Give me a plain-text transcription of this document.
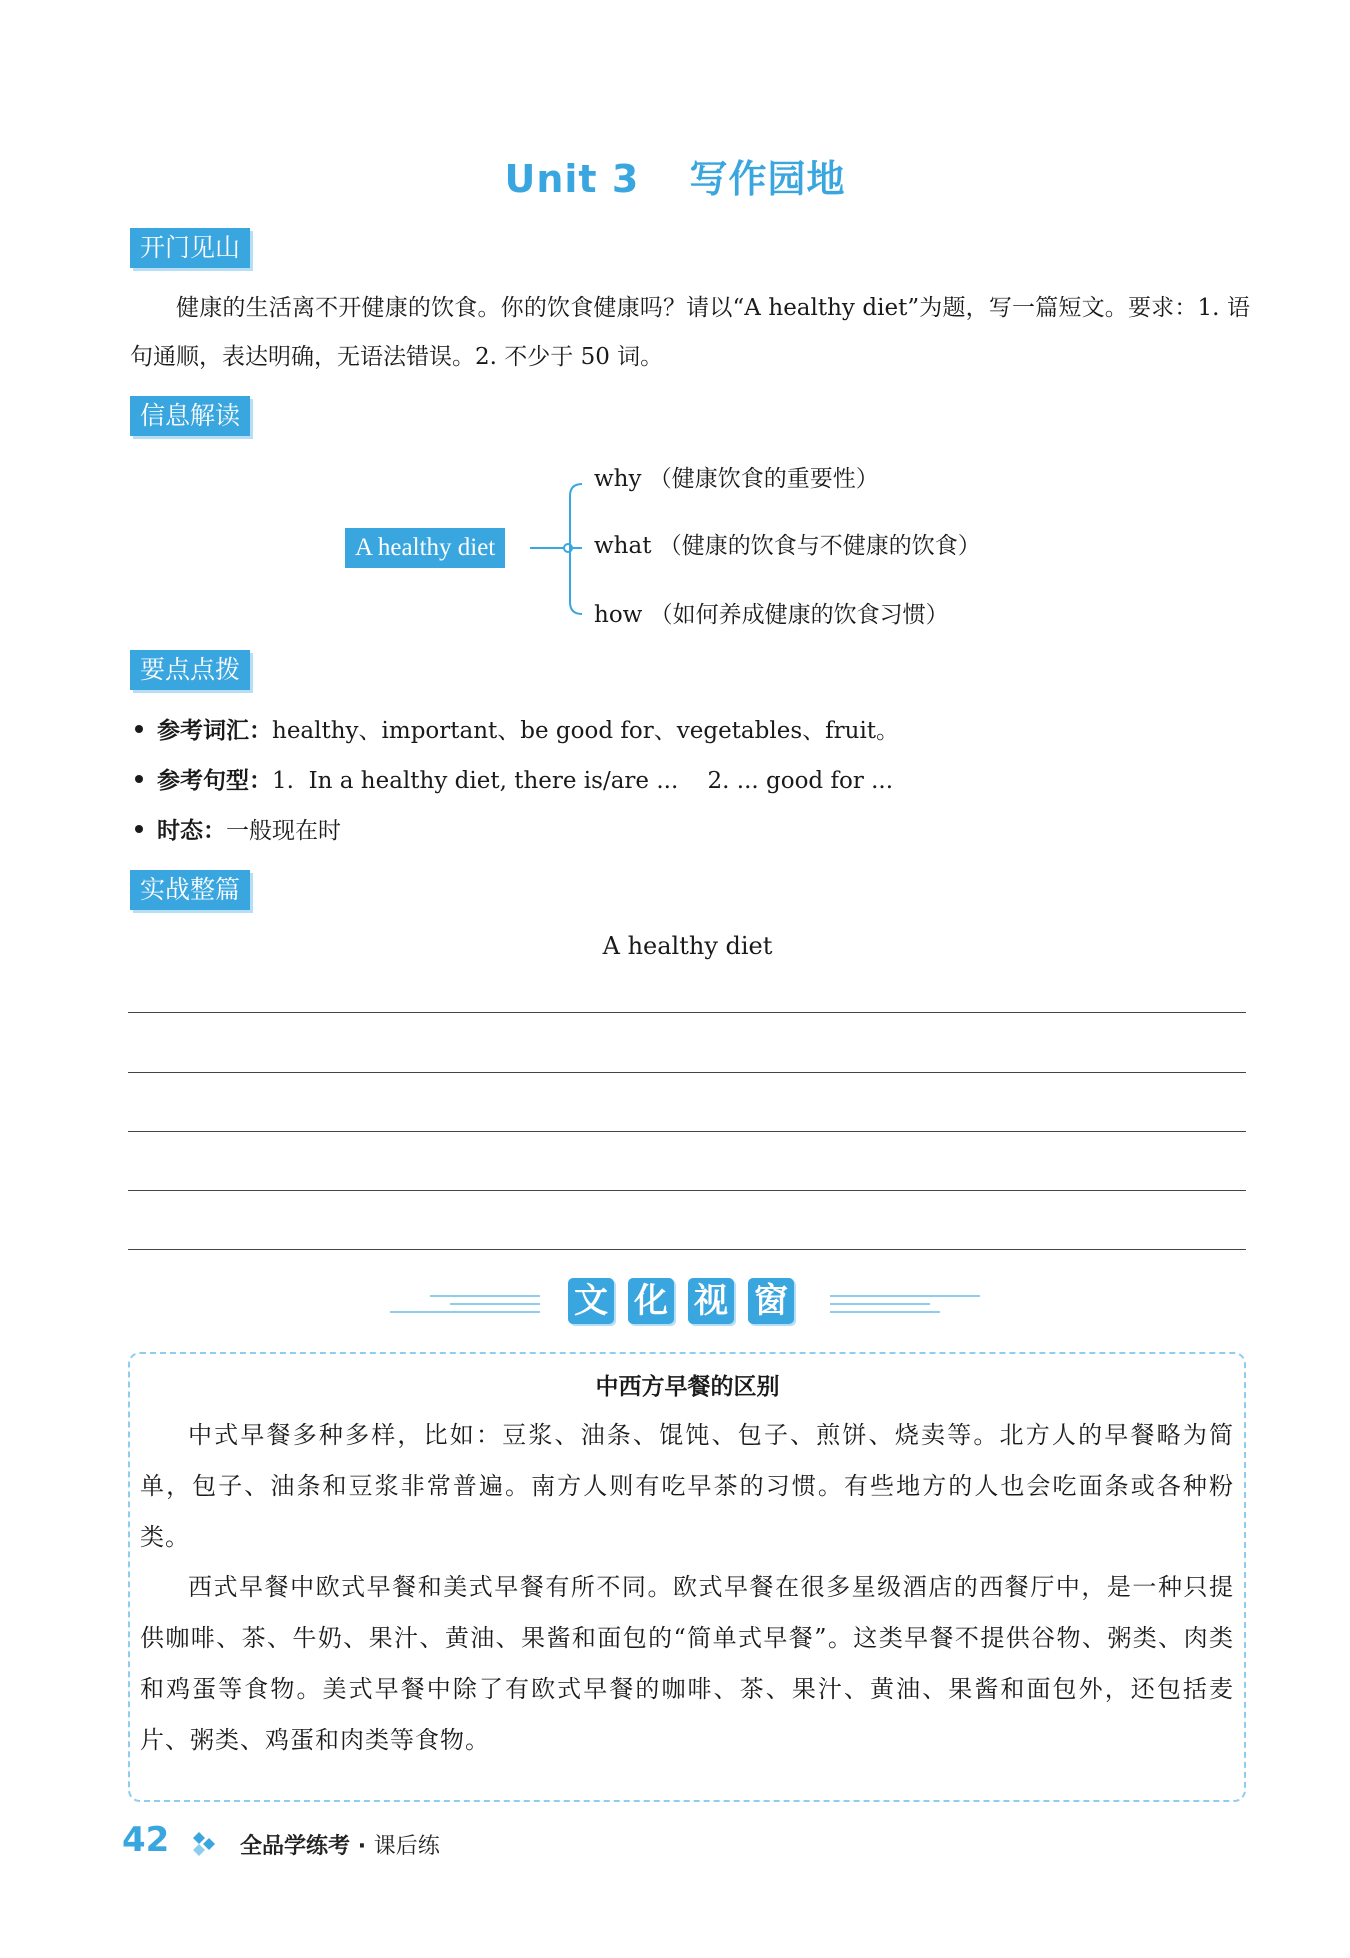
Unit 3 写作园地
开门见山
健康的生活离不开健康的饮食。你的饮食健康吗？请以“A healthy diet”为题，写一篇短文。要求：1. 语句通顺，表达明确，无语法错误。2. 不少于 50 词。
信息解读
A healthy diet
why （健康饮食的重要性）
what （健康的饮食与不健康的饮食）
how （如何养成健康的饮食习惯）
要点点拨
参考词汇：healthy、important、be good for、vegetables、fruit。
参考句型：1.  In a healthy diet, there is/are ...    2. ... good for ...
时态：一般现在时
实战整篇
A healthy diet
文 化 视 窗
中西方早餐的区别
中式早餐多种多样，比如：豆浆、油条、馄饨、包子、煎饼、烧卖等。北方人的早餐略为简单，包子、油条和豆浆非常普遍。南方人则有吃早茶的习惯。有些地方的人也会吃面条或各种粉类。
西式早餐中欧式早餐和美式早餐有所不同。欧式早餐在很多星级酒店的西餐厅中，是一种只提供咖啡、茶、牛奶、果汁、黄油、果酱和面包的“简单式早餐”。这类早餐不提供谷物、粥类、肉类和鸡蛋等食物。美式早餐中除了有欧式早餐的咖啡、茶、果汁、黄油、果酱和面包外，还包括麦片、粥类、鸡蛋和肉类等食物。
42	全品学练考 · 课后练
